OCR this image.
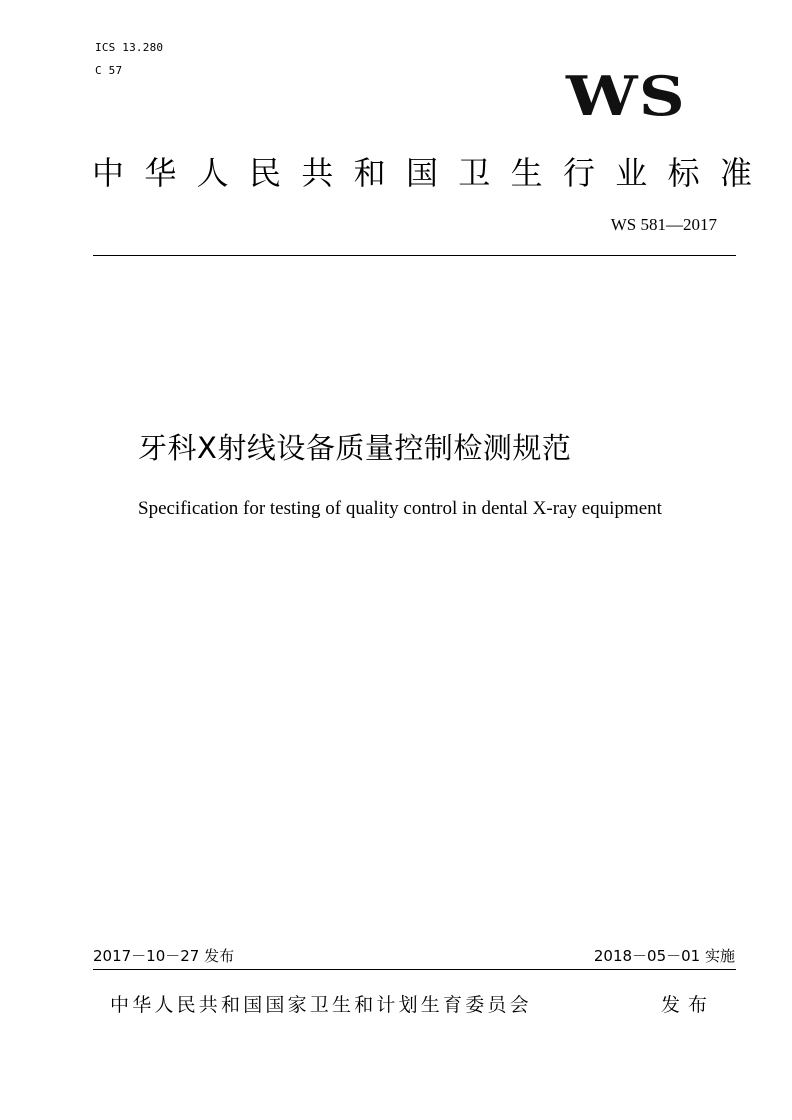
ICS 13.280
C 57	WS
中 华 人 民 共 和 国 卫 生 行 业 标 准
WS 581—2017
牙科X射线设备质量控制检测规范
Specification for testing of quality control in dental X-ray equipment
2017－10－27 发布	2018－05－01 实施
中华人民共和国国家卫生和计划生育委员会	发布
